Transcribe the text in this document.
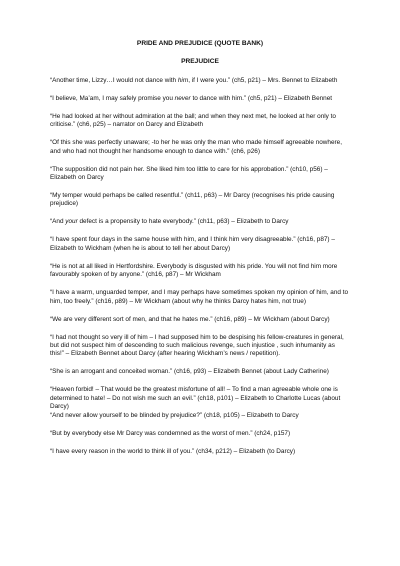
PRIDE AND PREJUDICE (QUOTE BANK)
PREJUDICE
“Another time, Lizzy…I would not dance with him, if I were you.” (ch5, p21) – Mrs. Bennet to Elizabeth
“I believe, Ma’am, I may safely promise you never to dance with him.” (ch5, p21) – Elizabeth Bennet
“He had looked at her without admiration at the ball; and when they next met, he looked at her only to criticise.” (ch6, p25) – narrator on Darcy and Elizabeth
“Of this she was perfectly unaware; -to her he was only the man who made himself agreeable nowhere, and who had not thought her handsome enough to dance with.” (ch6, p26)
“The supposition did not pain her. She liked him too little to care for his approbation.” (ch10, p56) – Elizabeth on Darcy
“My temper would perhaps be called resentful.” (ch11, p63) – Mr Darcy (recognises his pride causing prejudice)
“And your defect is a propensity to hate everybody.” (ch11, p63) – Elizabeth to Darcy
“I have spent four days in the same house with him, and I think him very disagreeable.” (ch16, p87) – Elizabeth to Wickham (when he is about to tell her about Darcy)
“He is not at all liked in Hertfordshire. Everybody is disgusted with his pride. You will not find him more favourably spoken of by anyone.” (ch16, p87) – Mr Wickham
“I have a warm, unguarded temper, and I may perhaps have sometimes spoken my opinion of him, and to him, too freely.” (ch16, p89) – Mr Wickham (about why he thinks Darcy hates him, not true)
“We are very different sort of men, and that he hates me.” (ch16, p89) – Mr Wickham (about Darcy)
“I had not thought so very ill of him – I had supposed him to be despising his fellow-creatures in general, but did not suspect him of descending to such malicious revenge, such injustice , such inhumanity as this!” – Elizabeth Bennet about Darcy (after hearing Wickham’s news / repetition).
“She is an arrogant and conceited woman.” (ch16, p93) – Elizabeth Bennet (about Lady Catherine)
“Heaven forbid! – That would be the greatest misfortune of all! – To find a man agreeable whole one is determined to hate! – Do not wish me such an evil.” (ch18, p101) – Elizabeth to Charlotte Lucas (about Darcy)
“And never allow yourself to be blinded by prejudice?” (ch18, p105) – Elizabeth to Darcy
“But by everybody else Mr Darcy was condemned as the worst of men.” (ch24, p157)
“I have every reason in the world to think ill of you.” (ch34, p212) – Elizabeth (to Darcy)
